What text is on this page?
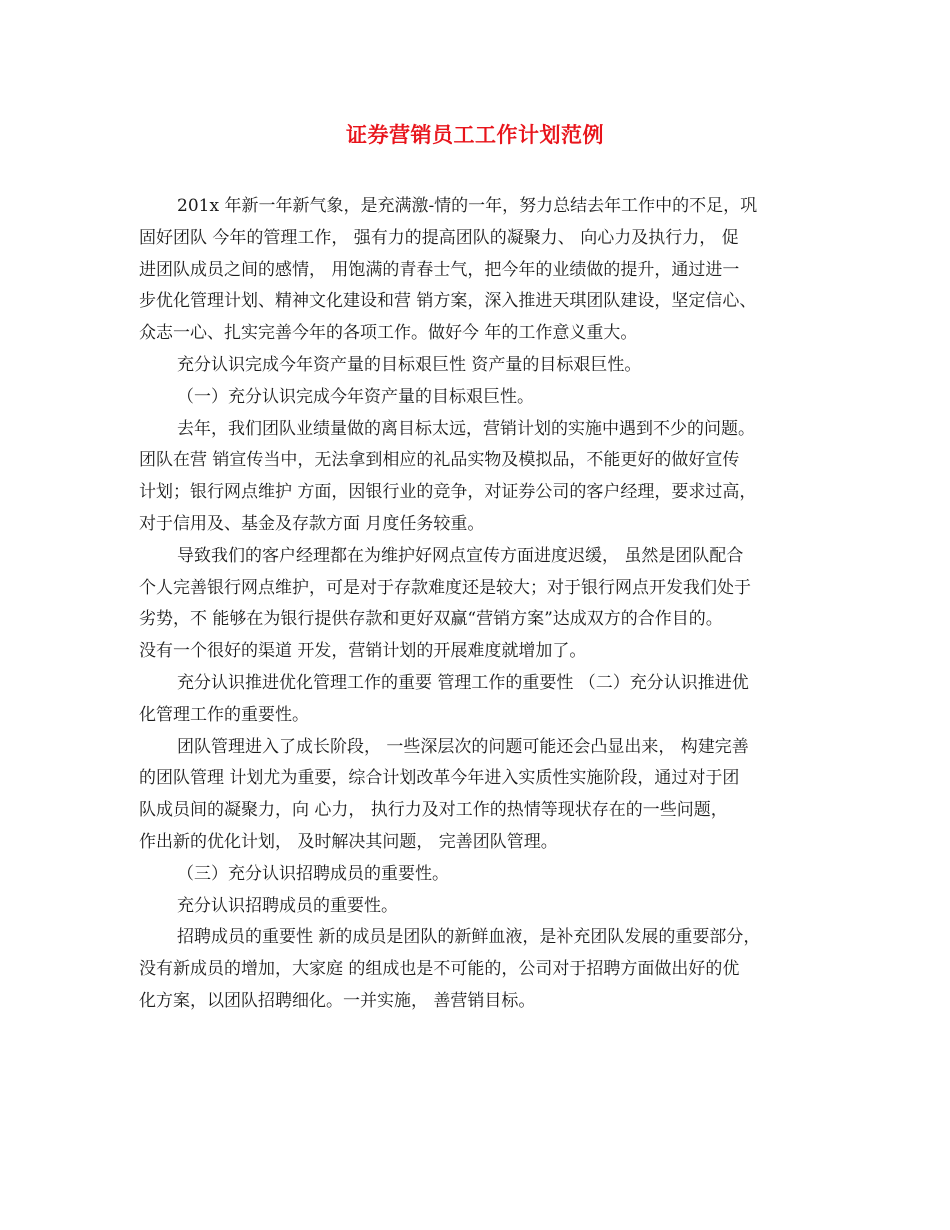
证券营销员工工作计划范例
201x 年新一年新气象，是充满激-情的一年，努力总结去年工作中的不足，巩
固好团队 今年的管理工作， 强有力的提高团队的凝聚力、 向心力及执行力， 促
进团队成员之间的感情， 用饱满的青春士气，把今年的业绩做的提升，通过进一
步优化管理计划、精神文化建设和营 销方案，深入推进天琪团队建设，坚定信心、
众志一心、扎实完善今年的各项工作。做好今 年的工作意义重大。
充分认识完成今年资产量的目标艰巨性 资产量的目标艰巨性。
（一）充分认识完成今年资产量的目标艰巨性。
去年，我们团队业绩量做的离目标太远，营销计划的实施中遇到不少的问题。
团队在营 销宣传当中，无法拿到相应的礼品实物及模拟品，不能更好的做好宣传
计划；银行网点维护 方面，因银行业的竞争，对证券公司的客户经理，要求过高，
对于信用及、基金及存款方面 月度任务较重。
导致我们的客户经理都在为维护好网点宣传方面进度迟缓， 虽然是团队配合
个人完善银行网点维护，可是对于存款难度还是较大；对于银行网点开发我们处于
劣势，不 能够在为银行提供存款和更好双赢“营销方案”达成双方的合作目的。
没有一个很好的渠道 开发，营销计划的开展难度就增加了。
充分认识推进优化管理工作的重要 管理工作的重要性 （二）充分认识推进优
化管理工作的重要性。
团队管理进入了成长阶段， 一些深层次的问题可能还会凸显出来， 构建完善
的团队管理 计划尤为重要，综合计划改革今年进入实质性实施阶段，通过对于团
队成员间的凝聚力，向 心力， 执行力及对工作的热情等现状存在的一些问题，
作出新的优化计划， 及时解决其问题， 完善团队管理。
（三）充分认识招聘成员的重要性。
充分认识招聘成员的重要性。
招聘成员的重要性 新的成员是团队的新鲜血液，是补充团队发展的重要部分，
没有新成员的增加，大家庭 的组成也是不可能的，公司对于招聘方面做出好的优
化方案，以团队招聘细化。一并实施， 善营销目标。
